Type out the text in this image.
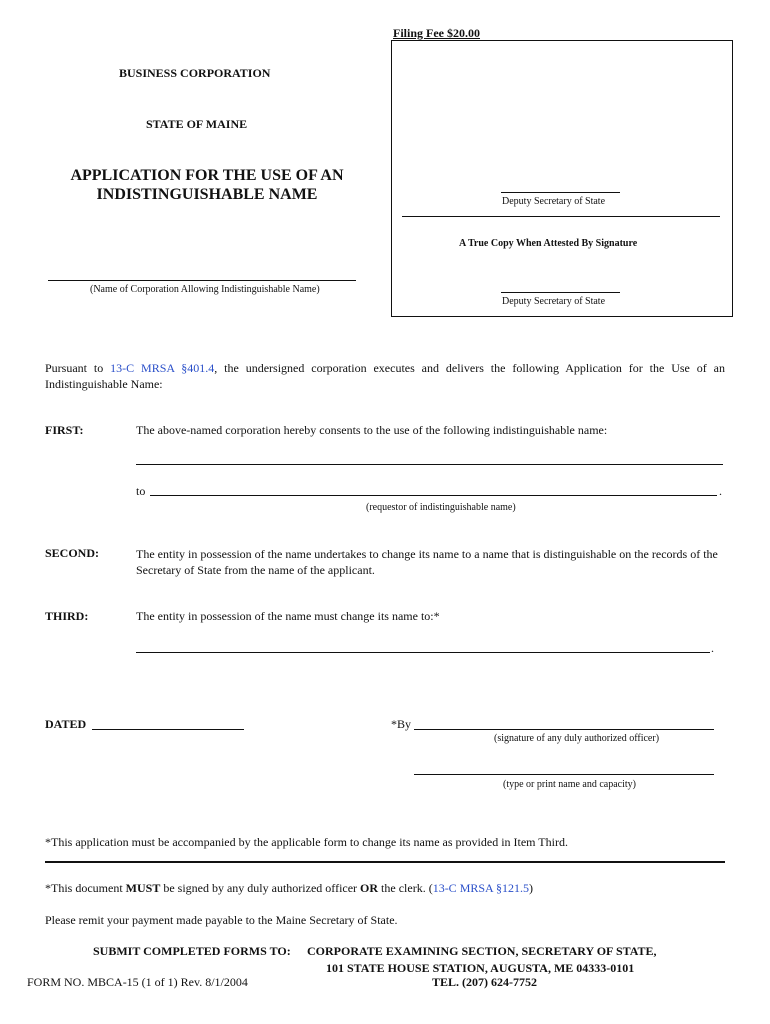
Filing Fee $20.00
Deputy Secretary of State
A True Copy When Attested By Signature
Deputy Secretary of State
BUSINESS CORPORATION
STATE OF MAINE
APPLICATION FOR THE USE OF AN
INDISTINGUISHABLE NAME
(Name of Corporation Allowing Indistinguishable Name)
Pursuant to 13-C MRSA §401.4, the undersigned corporation executes and delivers the following Application for the Use of an Indistinguishable Name:
FIRST:	The above-named corporation hereby consents to the use of the following indistinguishable name:
to	.
(requestor of indistinguishable name)
SECOND:	The entity in possession of the name undertakes to change its name to a name that is distinguishable on the records of the Secretary of State from the name of the applicant.
THIRD:	The entity in possession of the name must change its name to:*
.
DATED	*By
(signature of any duly authorized officer)
(type or print name and capacity)
*This application must be accompanied by the applicable form to change its name as provided in Item Third.
*This document MUST be signed by any duly authorized officer OR the clerk. (13-C MRSA §121.5)
Please remit your payment made payable to the Maine Secretary of State.
SUBMIT COMPLETED FORMS TO: CORPORATE EXAMINING SECTION, SECRETARY OF STATE,
101 STATE HOUSE STATION, AUGUSTA, ME 04333-0101
FORM NO. MBCA-15 (1 of 1) Rev. 8/1/2004	TEL. (207) 624-7752
